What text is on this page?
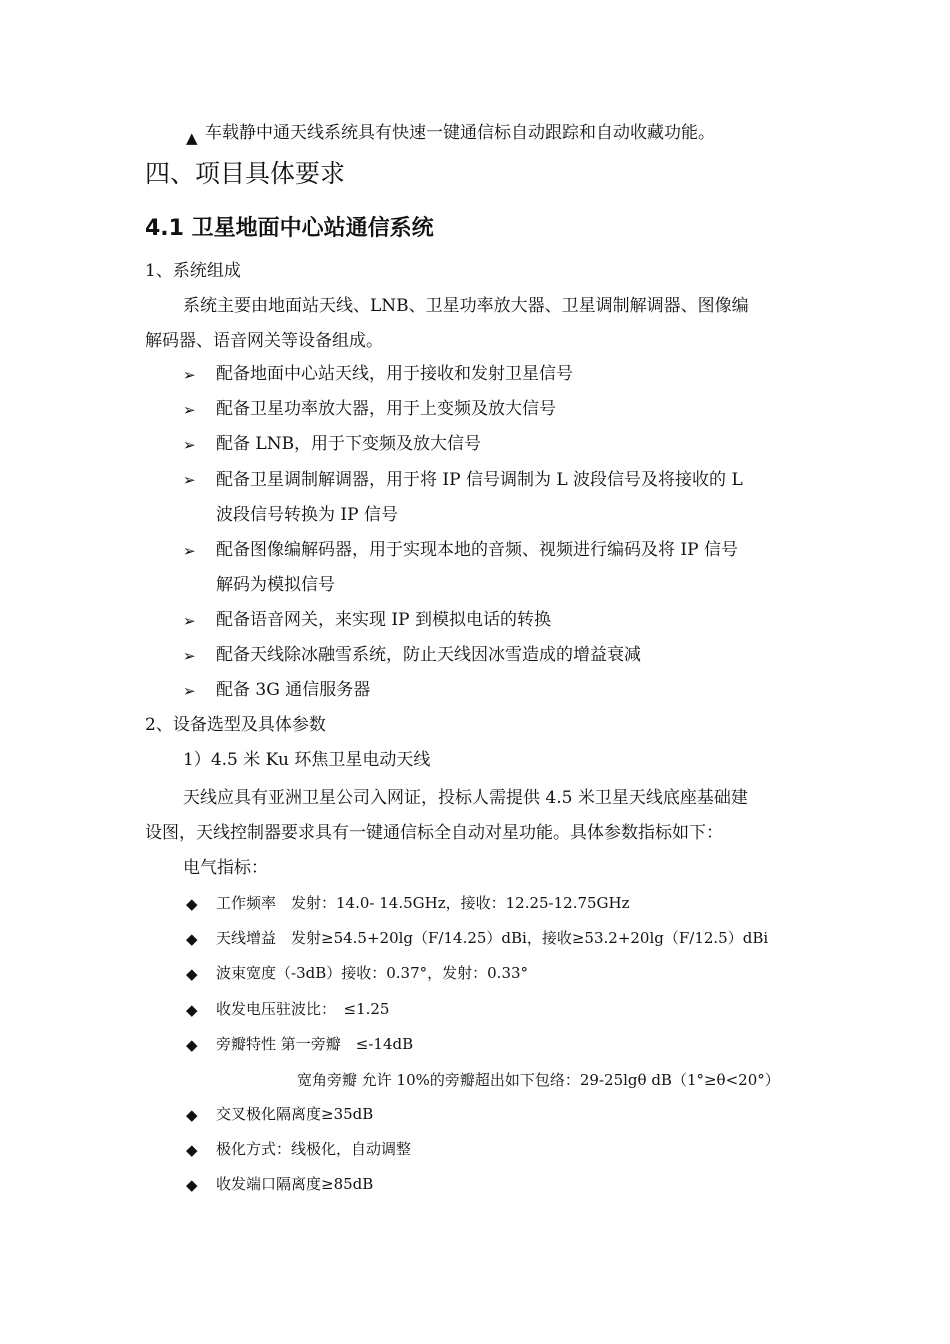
▲ 车载静中通天线系统具有快速一键通信标自动跟踪和自动收藏功能。
四、项目具体要求
4.1 卫星地面中心站通信系统
1、系统组成
系统主要由地面站天线、LNB、卫星功率放大器、卫星调制解调器、图像编
解码器、语音网关等设备组成。
➢ 配备地面中心站天线，用于接收和发射卫星信号
➢ 配备卫星功率放大器，用于上变频及放大信号
➢ 配备 LNB，用于下变频及放大信号
➢ 配备卫星调制解调器，用于将 IP 信号调制为 L 波段信号及将接收的 L
波段信号转换为 IP 信号
➢ 配备图像编解码器，用于实现本地的音频、视频进行编码及将 IP 信号
解码为模拟信号
➢ 配备语音网关，来实现 IP 到模拟电话的转换
➢ 配备天线除冰融雪系统，防止天线因冰雪造成的增益衰减
➢ 配备 3G 通信服务器
2、设备选型及具体参数
1）4.5 米 Ku 环焦卫星电动天线
天线应具有亚洲卫星公司入网证，投标人需提供 4.5 米卫星天线底座基础建
设图，天线控制器要求具有一键通信标全自动对星功能。具体参数指标如下：
电气指标：
◆ 工作频率　发射：14.0- 14.5GHz，接收：12.25-12.75GHz
◆ 天线增益　发射≥54.5+20lg（F/14.25）dBi，接收≥53.2+20lg（F/12.5）dBi
◆ 波束宽度（-3dB）接收：0.37°，发射：0.33°
◆ 收发电压驻波比：　≤1.25
◆ 旁瓣特性 第一旁瓣　≤-14dB
宽角旁瓣 允许 10%的旁瓣超出如下包络：29-25lgθ dB（1°≥θ<20°）
◆ 交叉极化隔离度≥35dB
◆ 极化方式：线极化，自动调整
◆ 收发端口隔离度≥85dB
